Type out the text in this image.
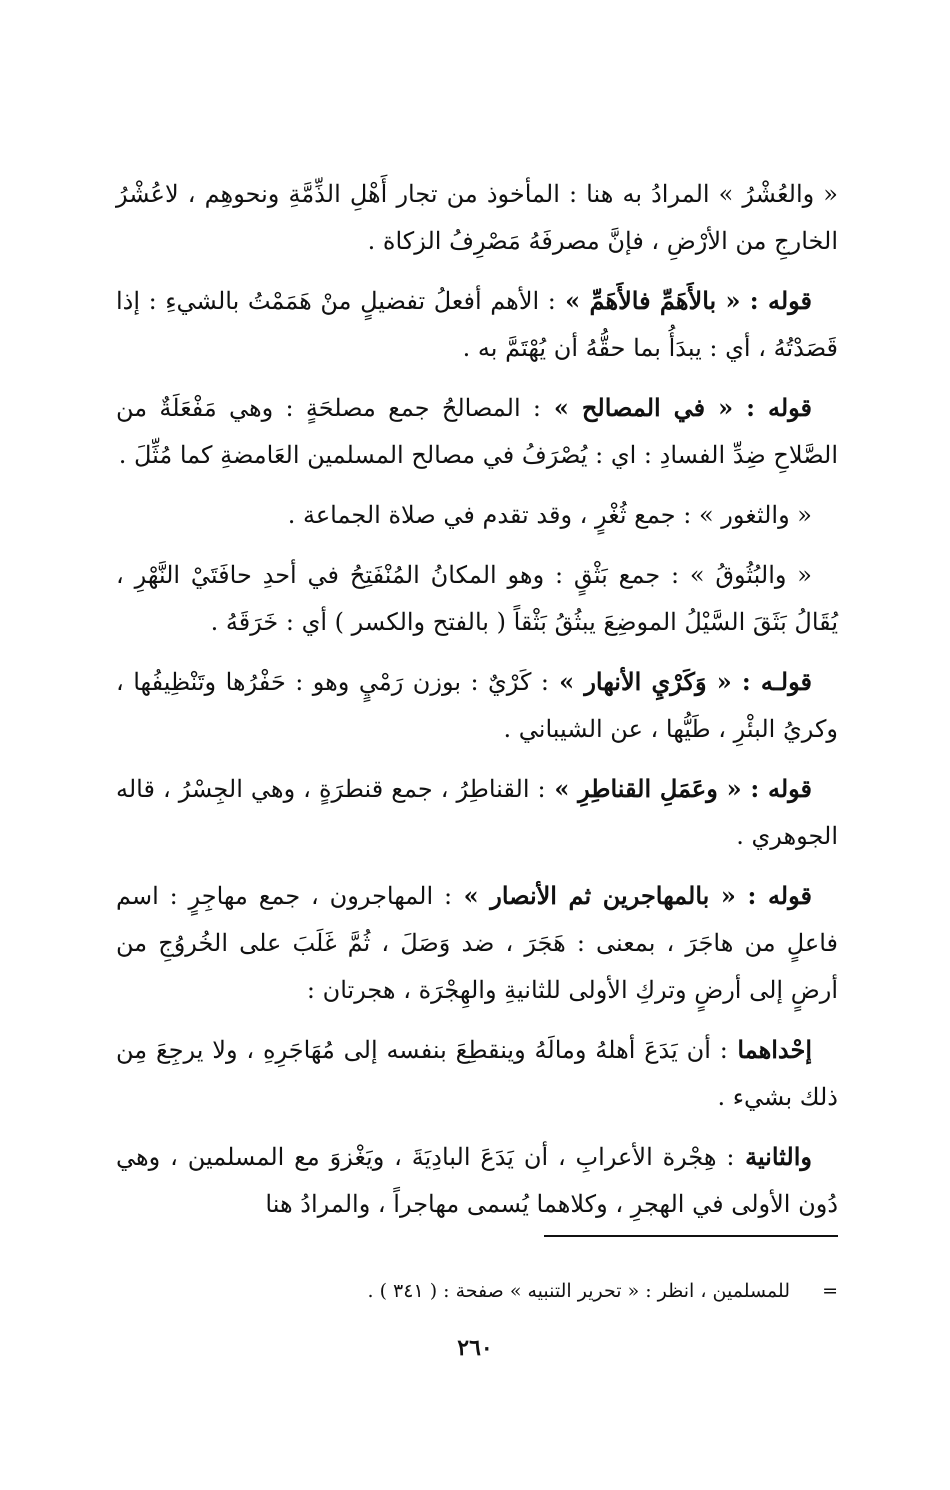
« والعُشْرُ » المرادُ به هنا : المأخوذ من تجار أَهْلِ الذِّمَّةِ ونحوهِم ، لاعُشْرُ الخارجِ من الأرْضِ ، فإنَّ مصرفَهُ مَصْرِفُ الزكاة .

قوله : « بالأَهَمِّ فالأَهَمِّ » : الأهم أفعلُ تفضيلٍ منْ هَمَمْتُ بالشيءِ : إذا قَصَدْتُهُ ، أي : يبدَأُ بما حقُّهُ أن يُهْتَمَّ به .

قوله : « في المصالح » : المصالحُ جمع مصلحَةٍ : وهي مَفْعَلَةٌ من الصَّلاحِ ضِدِّ الفسادِ : اي : يُصْرَفُ في مصالح المسلمين العَامضةِ كما مُثِّلَ .

« والثغور » : جمع ثُغْرٍ ، وقد تقدم في صلاة الجماعة .

« والبُثُوقُ » : جمع بَثْقٍ : وهو المكانُ المُنْفَتِحُ في أحدِ حافَتَيْ النَّهْرِ ، يُقَالُ بَثَقَ السَّيْلُ الموضِعَ يبثُقُ بَثْقاً ( بالفتح والكسر ) أي : خَرَقَهُ .

قولـه : « وَكَرْيِ الأنهار » : كَرْيٌ : بوزن رَمْيٍ وهو : حَفْرُها وتَنْظِيفُها ، وكريُ البئْرِ ، طَيُّها ، عن الشيباني .

قوله : « وعَمَلِ القناطِرِ » : القناطِرُ ، جمع قنطرَةٍ ، وهي الجِسْرُ ، قاله الجوهري .

قوله : « بالمهاجرين ثم الأنصار » : المهاجرون ، جمع مهاجِرٍ : اسم فاعلٍ من هاجَرَ ، بمعنى : هَجَرَ ، ضد وَصَلَ ، ثُمَّ غَلَبَ على الخُروُجِ من أرضٍ إلى أرضٍ وتركِ الأولى للثانيةِ والهِجْرَة ، هجرتان :

إحْداهما : أن يَدَعَ أهلهُ ومالَهُ وينقطِعَ بنفسه إلى مُهَاجَرِهِ ، ولا يرجِعَ مِن ذلك بشيء .

والثانية : هِجْرة الأعرابِ ، أن يَدَعَ البادِيَةَ ، ويَغْزوَ مع المسلمين ، وهي دُون الأولى في الهجرِ ، وكلاهما يُسمى مهاجراً ، والمرادُ هنا

=للمسلمين ، انظر : « تحرير التنبيه » صفحة : ( ٣٤١ ) .
٢٦٠
